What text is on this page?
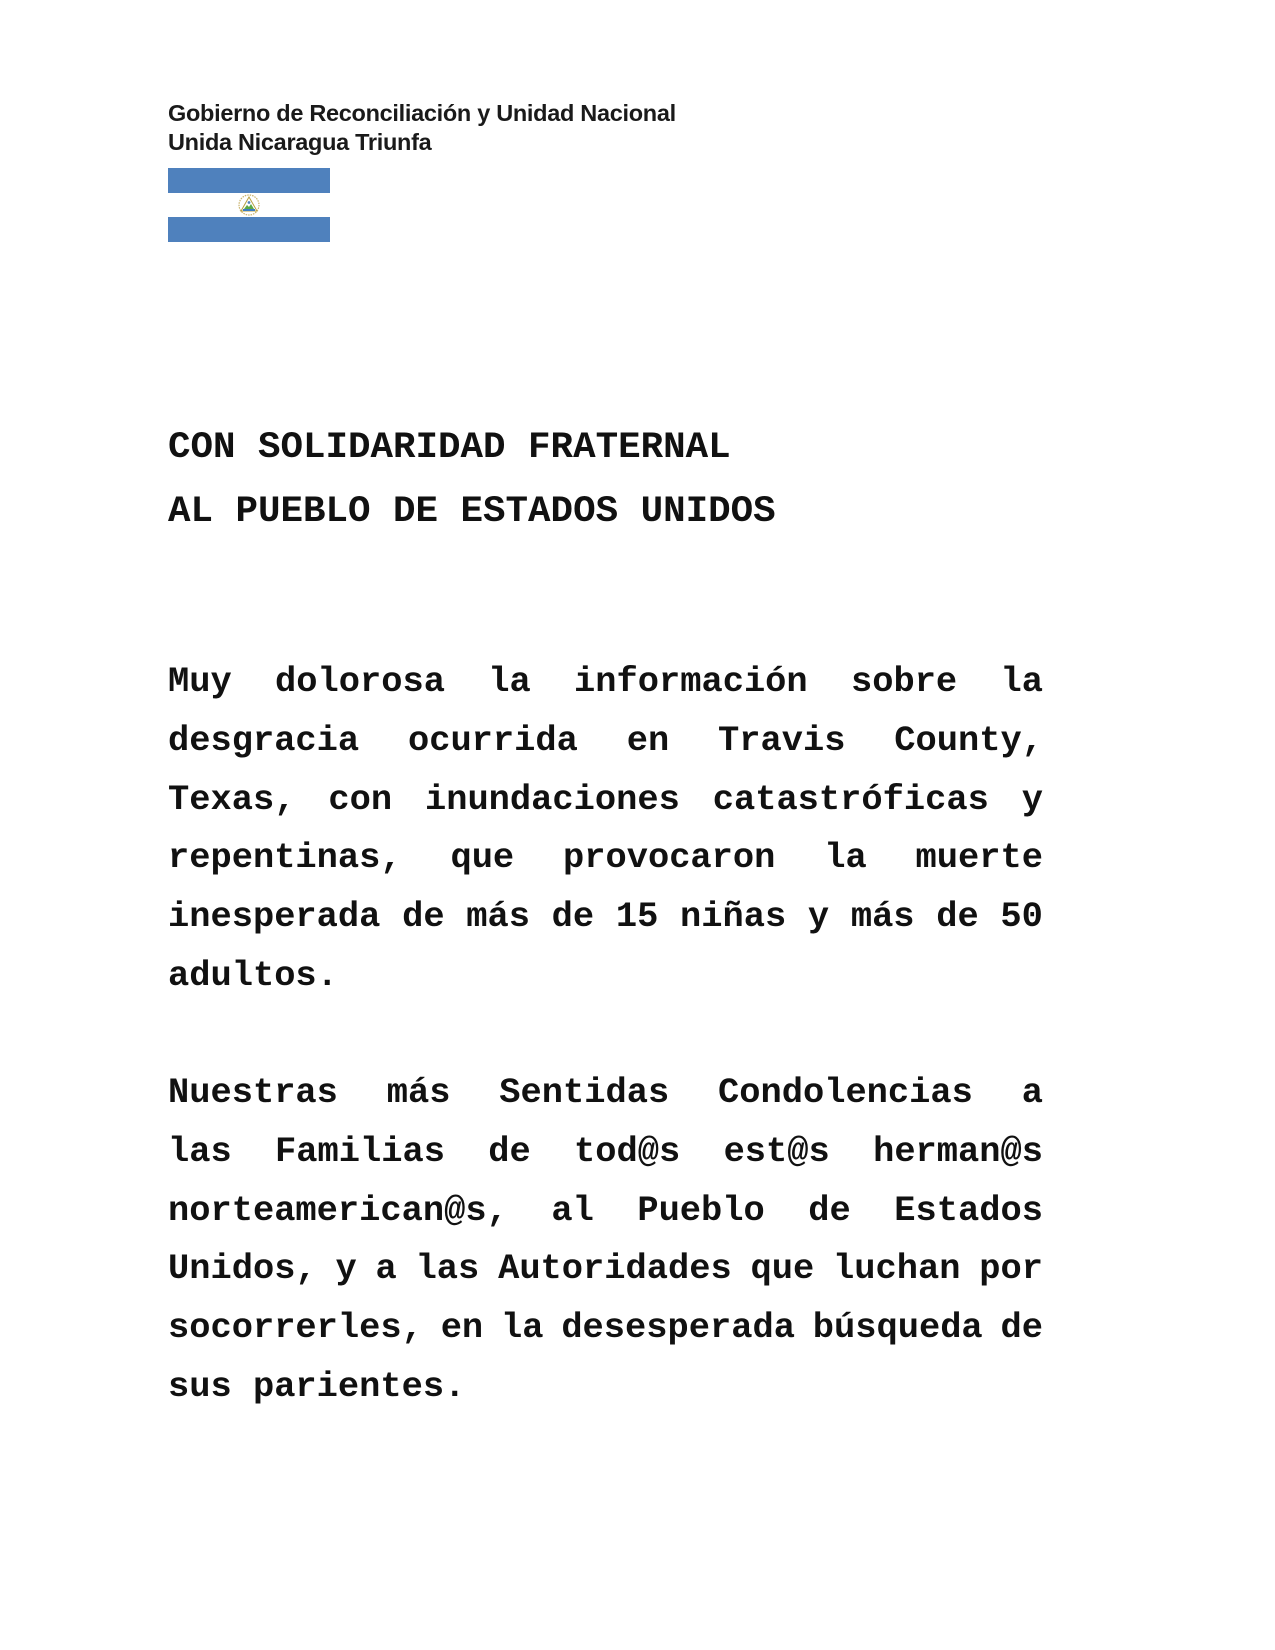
Gobierno de Reconciliación y Unidad Nacional
Unida Nicaragua Triunfa
CON SOLIDARIDAD FRATERNAL
AL PUEBLO DE ESTADOS UNIDOS
Muy dolorosa la información sobre la
desgracia ocurrida en Travis County,
Texas, con inundaciones catastróficas y
repentinas, que provocaron la muerte
inesperada de más de 15 niñas y más de 50
adultos.
Nuestras más Sentidas Condolencias a
las Familias de tod@s est@s herman@s
norteamerican@s, al Pueblo de Estados
Unidos, y a las Autoridades que luchan por
socorrerles, en la desesperada búsqueda de
sus parientes.
